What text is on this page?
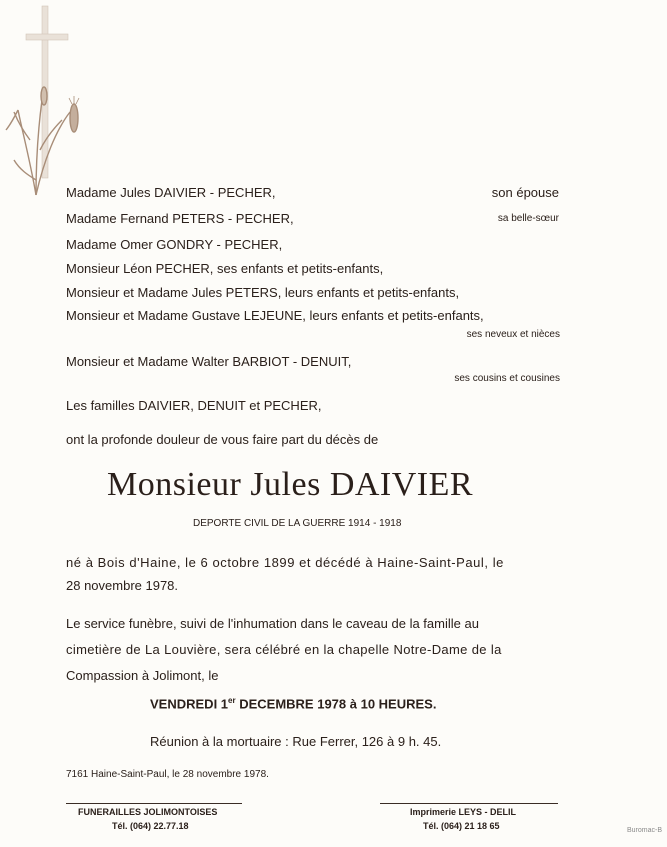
Madame Jules DAIVIER - PECHER,	son épouse
Madame Fernand PETERS - PECHER,	sa belle-sœur
Madame Omer GONDRY - PECHER,
Monsieur Léon PECHER, ses enfants et petits-enfants,
Monsieur et Madame Jules PETERS, leurs enfants et petits-enfants,
Monsieur et Madame Gustave LEJEUNE, leurs enfants et petits-enfants,
ses neveux et nièces
Monsieur et Madame Walter BARBIOT - DENUIT,
ses cousins et cousines
Les familles DAIVIER, DENUIT et PECHER,
ont la profonde douleur de vous faire part du décès de
Monsieur Jules DAIVIER
DEPORTE CIVIL DE LA GUERRE 1914 - 1918
né à Bois d'Haine, le 6 octobre 1899 et décédé à Haine-Saint-Paul, le
28 novembre 1978.
Le service funèbre, suivi de l'inhumation dans le caveau de la famille au
cimetière de La Louvière, sera célébré en la chapelle Notre-Dame de la
Compassion à Jolimont, le
VENDREDI 1er DECEMBRE 1978 à 10 HEURES.
Réunion à la mortuaire : Rue Ferrer, 126 à 9 h. 45.
7161 Haine-Saint-Paul, le 28 novembre 1978.
FUNERAILLES JOLIMONTOISES
Tél. (064) 22.77.18
Imprimerie LEYS - DELIL
Tél. (064) 21 18 65	Buromac-B
